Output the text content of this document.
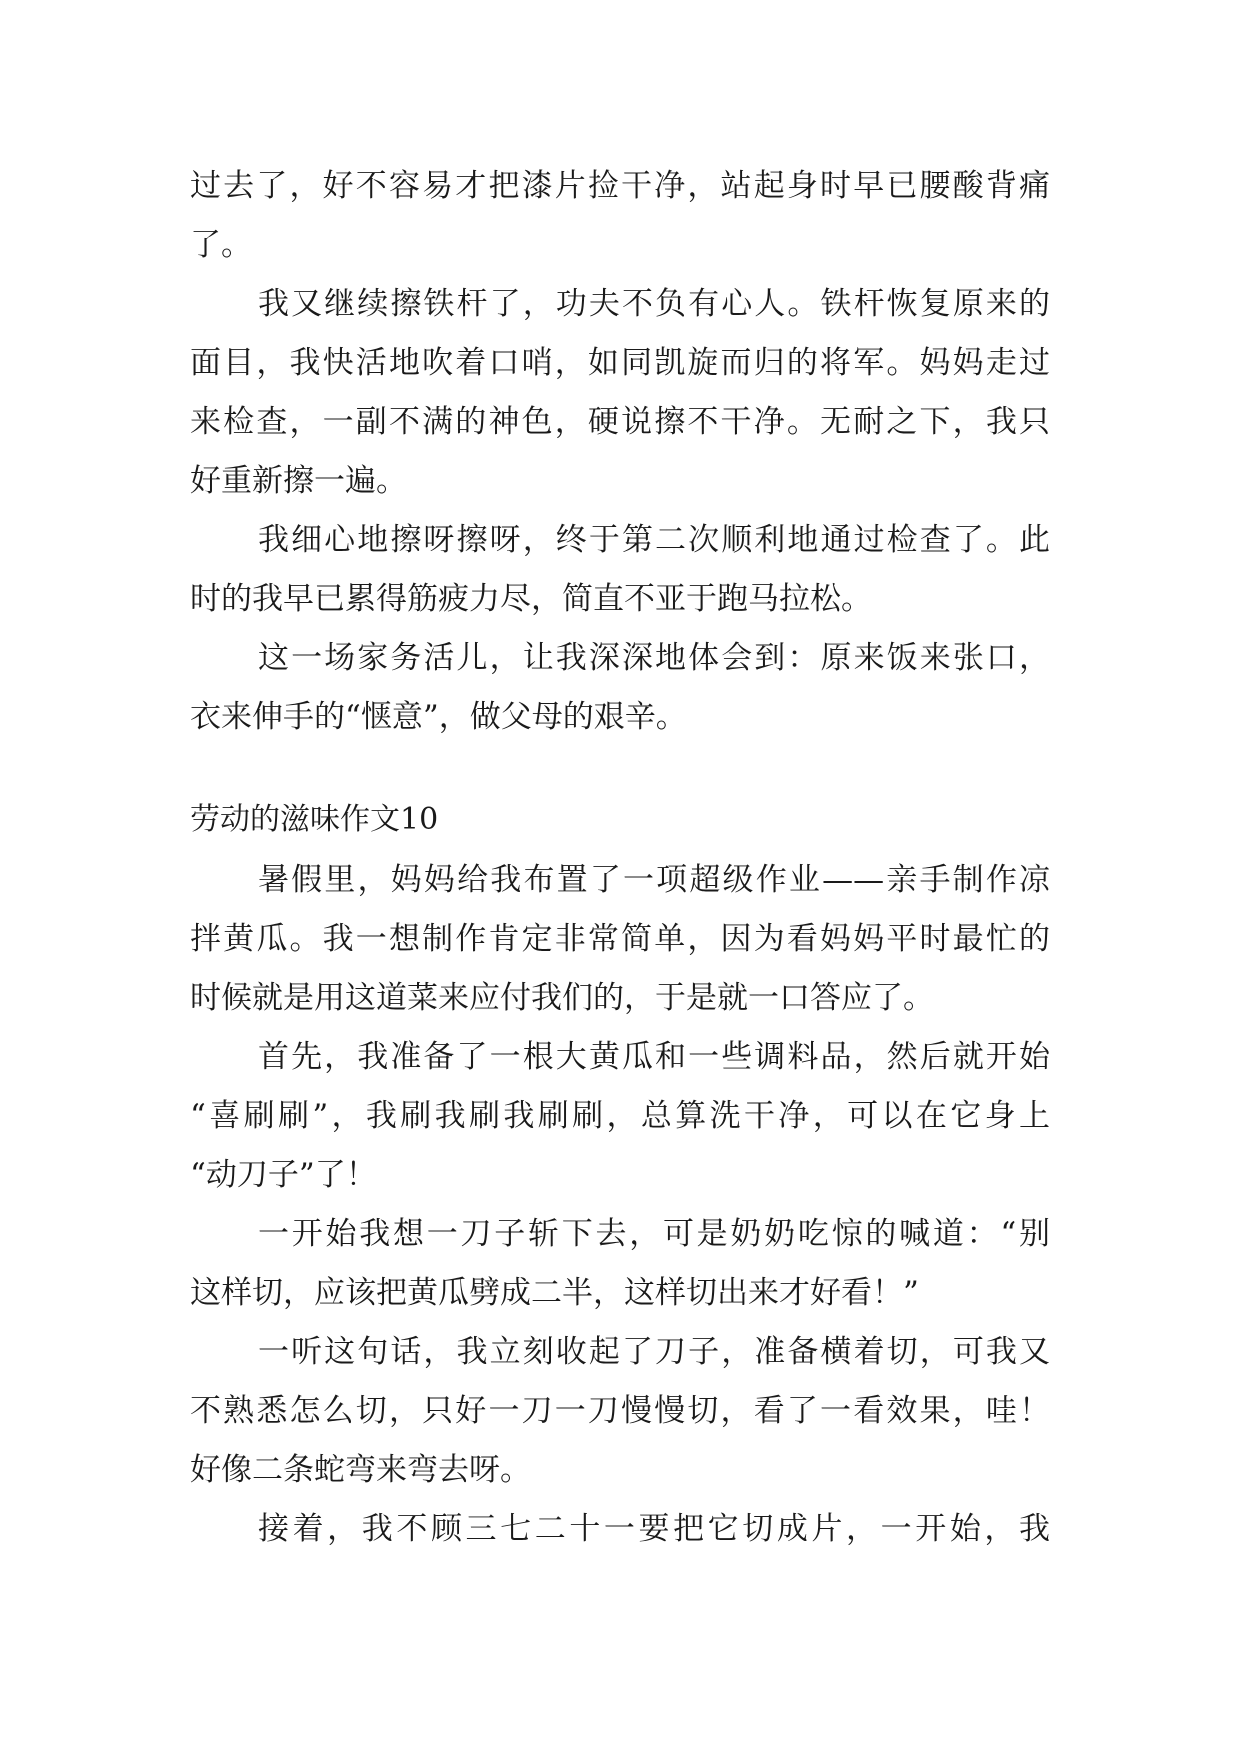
过去了，好不容易才把漆片捡干净，站起身时早已腰酸背痛
了。
我又继续擦铁杆了，功夫不负有心人。铁杆恢复原来的
面目，我快活地吹着口哨，如同凯旋而归的将军。妈妈走过
来检查，一副不满的神色，硬说擦不干净。无耐之下，我只
好重新擦一遍。
我细心地擦呀擦呀，终于第二次顺利地通过检查了。此
时的我早已累得筋疲力尽，简直不亚于跑马拉松。
这一场家务活儿，让我深深地体会到：原来饭来张口，
衣来伸手的“惬意”，做父母的艰辛。
劳动的滋味作文10
暑假里，妈妈给我布置了一项超级作业——亲手制作凉
拌黄瓜。我一想制作肯定非常简单，因为看妈妈平时最忙的
时候就是用这道菜来应付我们的，于是就一口答应了。
首先，我准备了一根大黄瓜和一些调料品，然后就开始
“喜刷刷”，我刷我刷我刷刷，总算洗干净，可以在它身上
“动刀子”了！
一开始我想一刀子斩下去，可是奶奶吃惊的喊道：“别
这样切，应该把黄瓜劈成二半，这样切出来才好看！”
一听这句话，我立刻收起了刀子，准备横着切，可我又
不熟悉怎么切，只好一刀一刀慢慢切，看了一看效果，哇！
好像二条蛇弯来弯去呀。
接着，我不顾三七二十一要把它切成片，一开始，我
